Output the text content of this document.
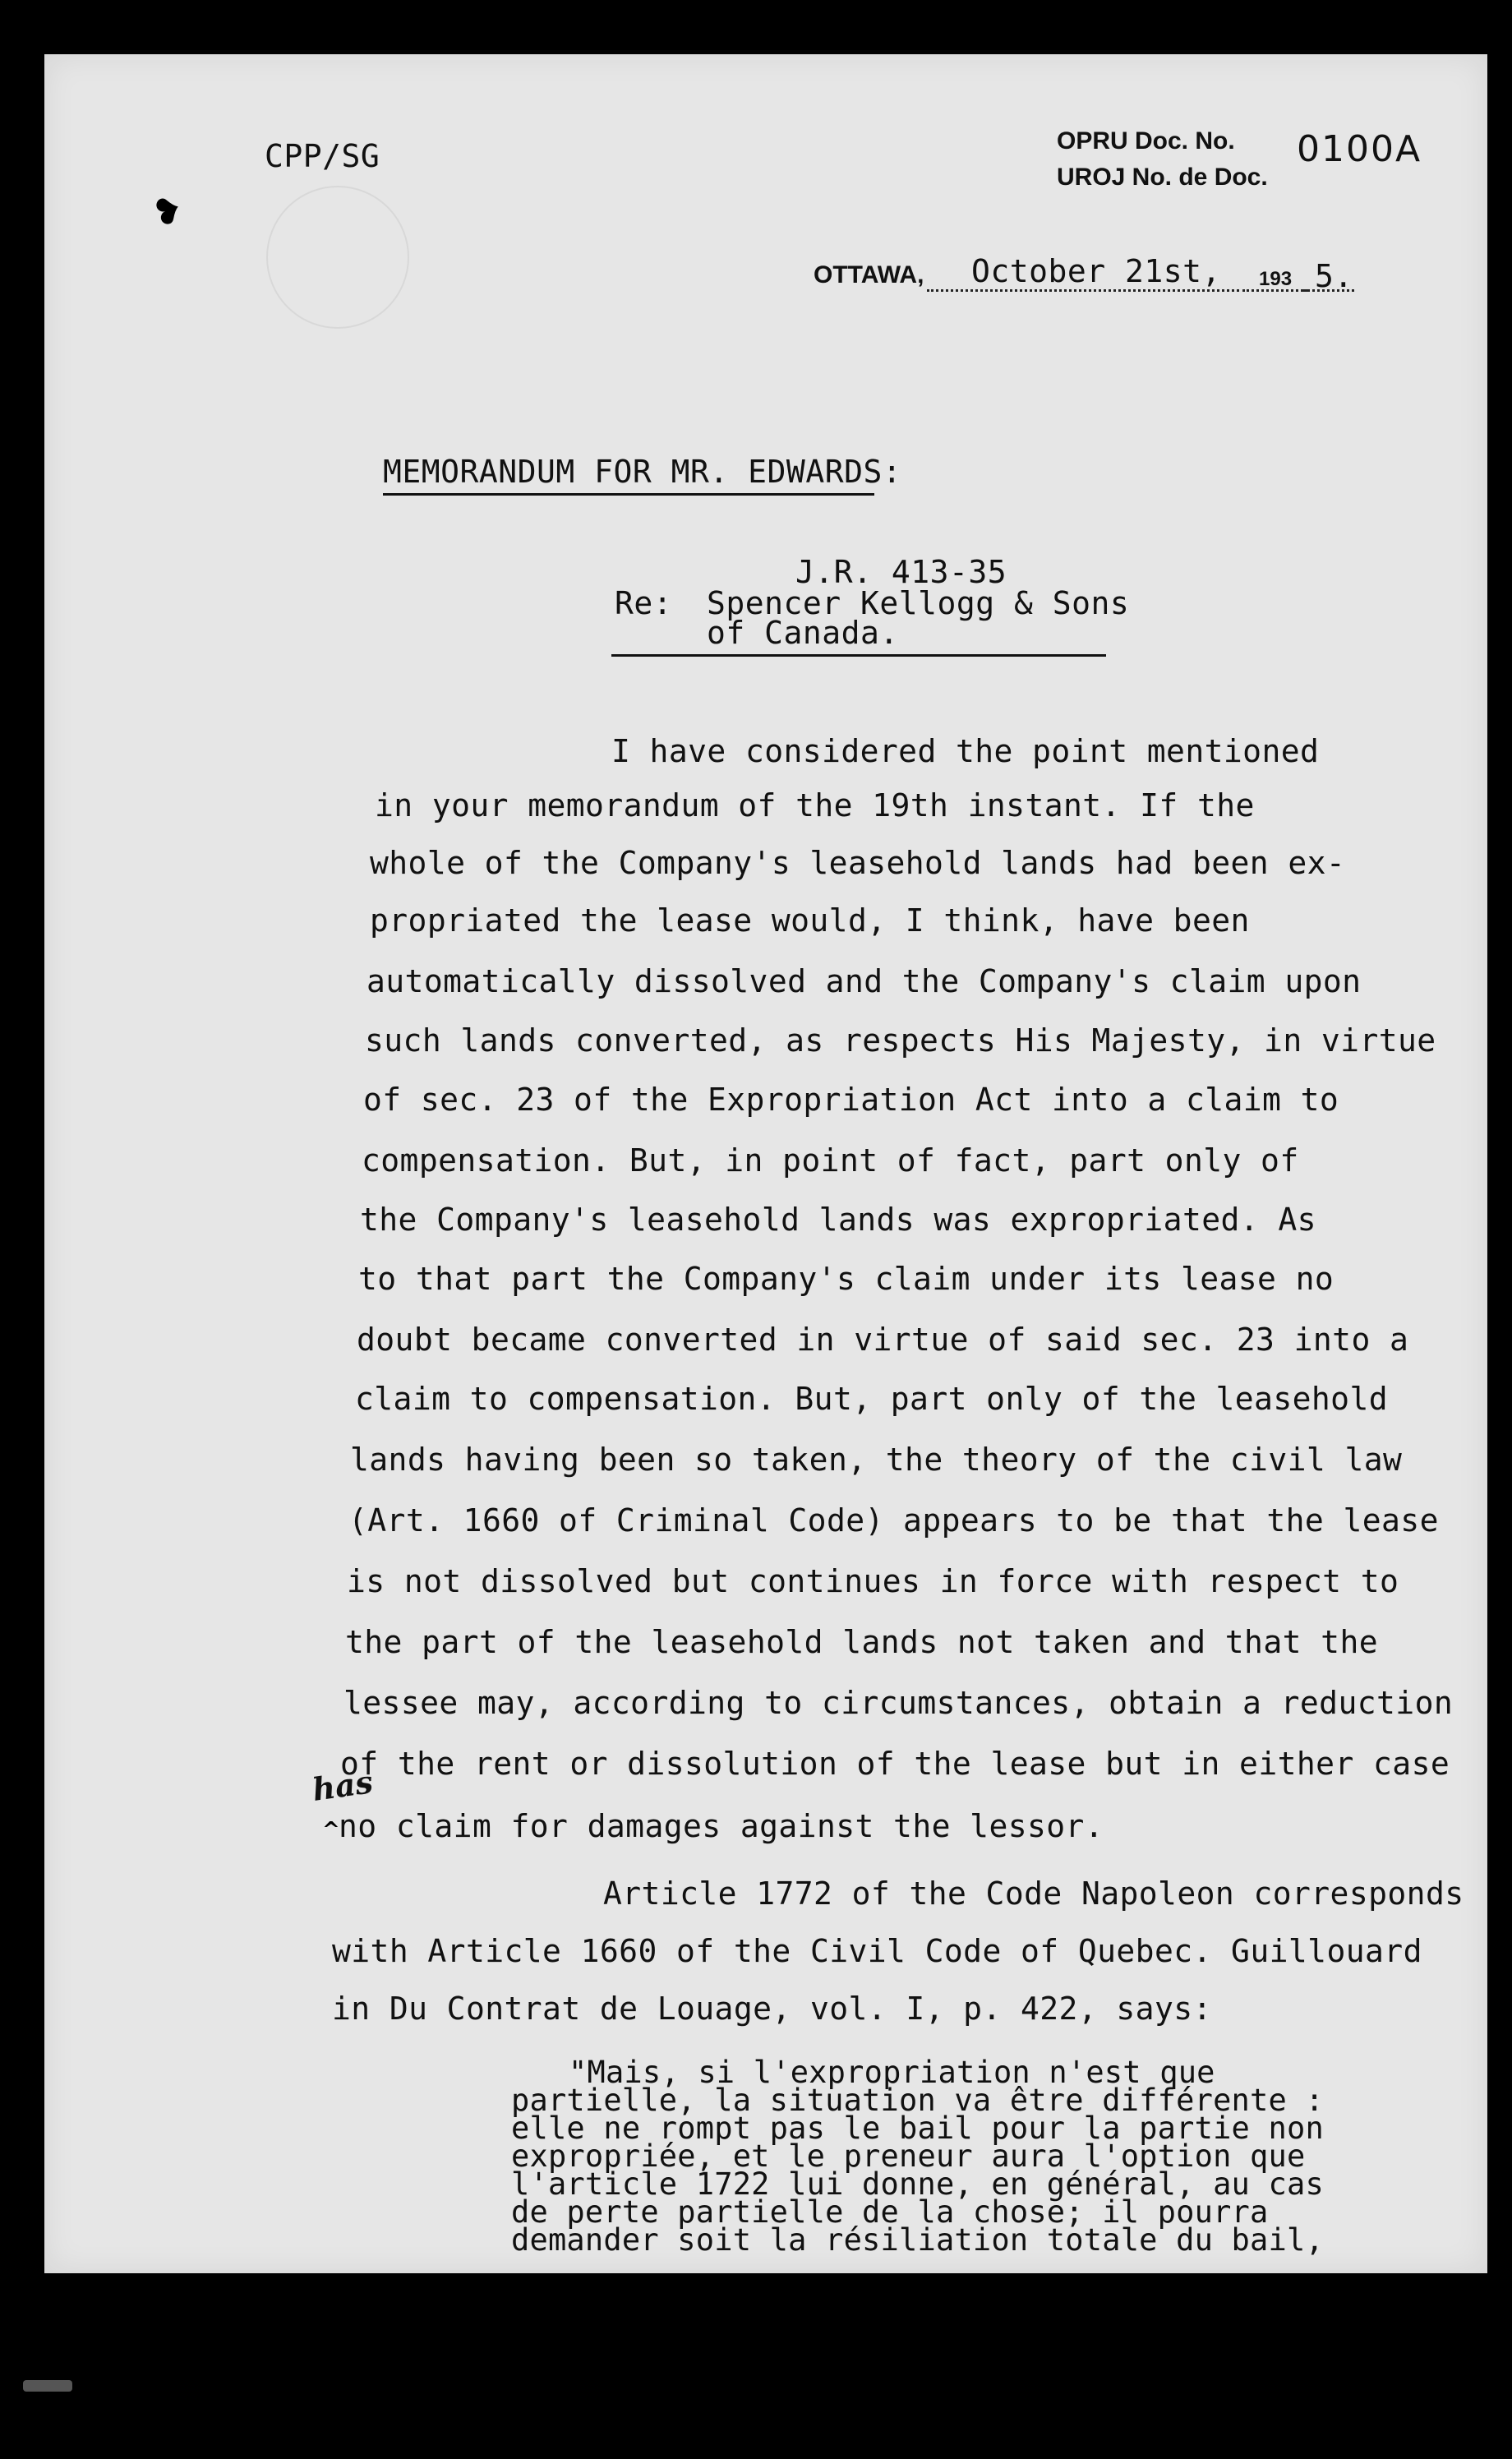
CPP/SG
❥
OPRU Doc. No.
UROJ No. de Doc.
0100A
OTTAWA, October 21st, 193 5.
MEMORANDUM FOR MR. EDWARDS:
J.R. 413-35
Re: Spencer Kellogg & Sons
of Canada.
I have considered the point mentioned
in your memorandum of the 19th instant. If the
whole of the Company's leasehold lands had been ex-
propriated the lease would, I think, have been
automatically dissolved and the Company's claim upon
such lands converted, as respects His Majesty, in virtue
of sec. 23 of the Expropriation Act into a claim to
compensation. But, in point of fact, part only of
the Company's leasehold lands was expropriated. As
to that part the Company's claim under its lease no
doubt became converted in virtue of said sec. 23 into a
claim to compensation. But, part only of the leasehold
lands having been so taken, the theory of the civil law
(Art. 1660 of Criminal Code) appears to be that the lease
is not dissolved but continues in force with respect to
the part of the leasehold lands not taken and that the
lessee may, according to circumstances, obtain a reduction
of the rent or dissolution of the lease but in either case
has
^
no claim for damages against the lessor.
Article 1772 of the Code Napoleon corresponds
with Article 1660 of the Civil Code of Quebec. Guillouard
in Du Contrat de Louage, vol. I, p. 422, says:
"Mais, si l'expropriation n'est que
partielle, la situation va être différente :
elle ne rompt pas le bail pour la partie non
expropriée, et le preneur aura l'option que
l'article 1722 lui donne, en général, au cas
de perte partielle de la chose; il pourra
demander soit la résiliation totale du bail,
•
